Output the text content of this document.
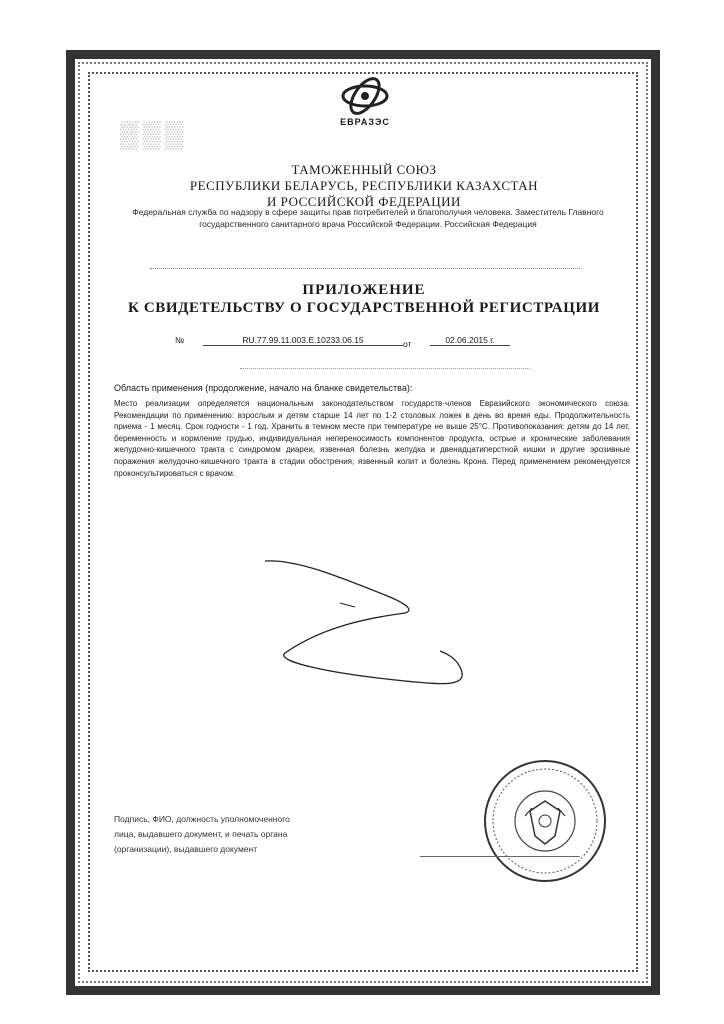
▒▒▒	ЕВРАЗЭС
ТАМОЖЕННЫЙ СОЮЗ
РЕСПУБЛИКИ БЕЛАРУСЬ, РЕСПУБЛИКИ КАЗАХСТАН
И РОССИЙСКОЙ ФЕДЕРАЦИИ
Федеральная служба по надзору в сфере защиты прав потребителей и благополучия человека. Заместитель Главного государственного санитарного врача Российской Федерации. Российская Федерация
ПРИЛОЖЕНИЕ
К СВИДЕТЕЛЬСТВУ О ГОСУДАРСТВЕННОЙ РЕГИСТРАЦИИ
№	RU.77.99.11.003.Е.10233.06.15	от	02.06.2015 г.
Область применения (продолжение, начало на бланке свидетельства):
Место реализации определяется национальным законодательством государств-членов Евразийского экономического союза. Рекомендации по применению: взрослым и детям старше 14 лет по 1-2 столовых ложек в день во время еды. Продолжительность приема - 1 месяц. Срок годности - 1 год. Хранить в темном месте при температуре не выше 25°С. Противопоказания: детям до 14 лет, беременность и кормление грудью, индивидуальная непереносимость компонентов продукта, острые и хронические заболевания желудочно-кишечного тракта с синдромом диареи, язвенная болезнь желудка и двенадцатиперстной кишки и другие эрозивные поражения желудочно-кишечного тракта в стадии обострения, язвенный колит и болезнь Крона. Перед применением рекомендуется проконсультироваться с врачом.
Подпись, ФИО, должность уполномоченного
лица, выдавшего документ, и печать органа
(организации), выдавшего документ
